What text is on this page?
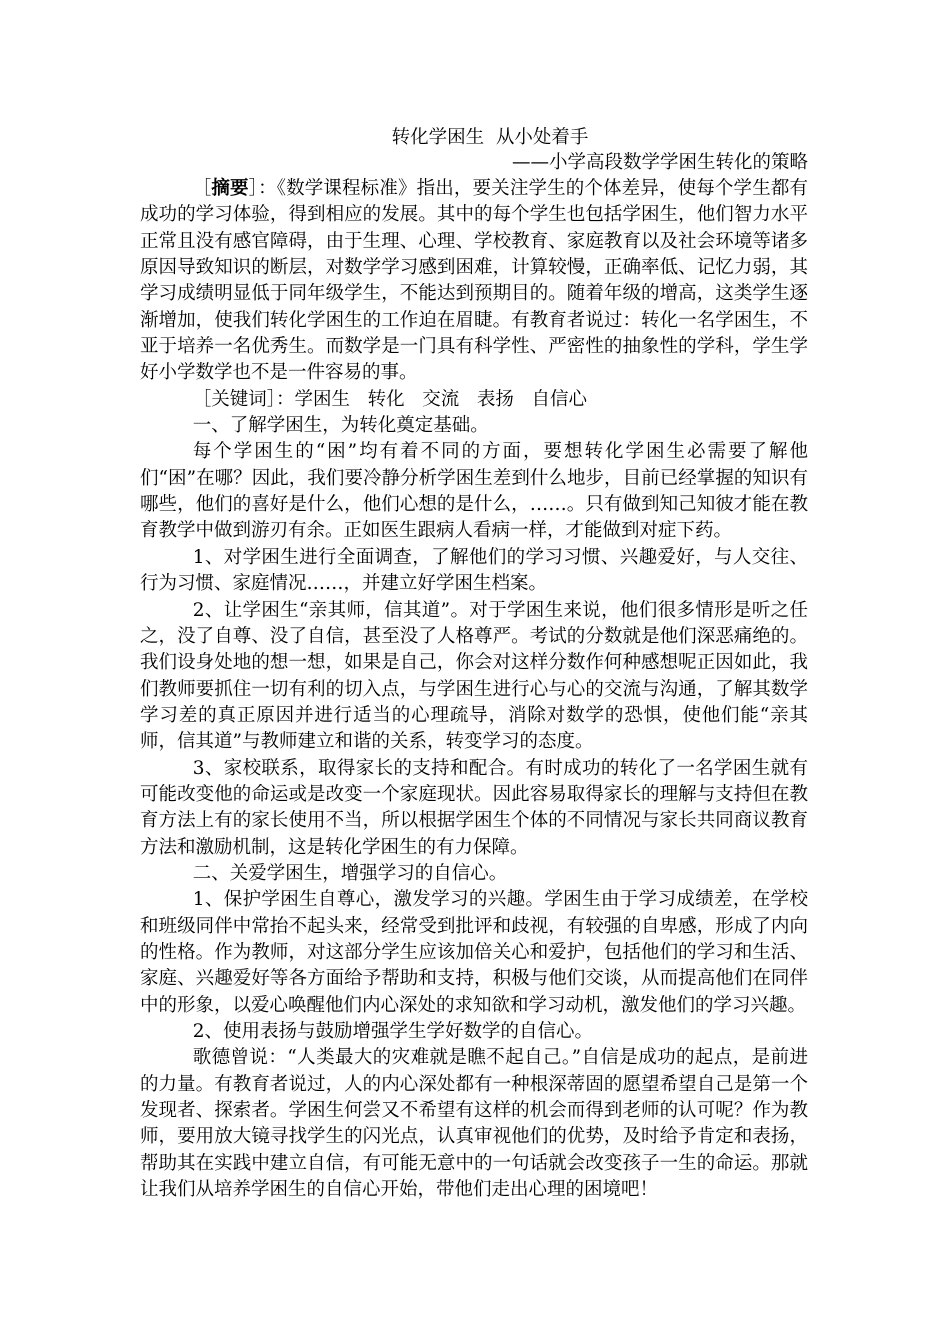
转化学困生  从小处着手
——小学高段数学学困生转化的策略

［摘要］：《数学课程标准》指出，要关注学生的个体差异，使每个学生都有成功的学习体验，得到相应的发展。其中的每个学生也包括学困生，他们智力水平正常且没有感官障碍，由于生理、心理、学校教育、家庭教育以及社会环境等诸多原因导致知识的断层，对数学学习感到困难，计算较慢，正确率低、记忆力弱，其学习成绩明显低于同年级学生，不能达到预期目的。随着年级的增高，这类学生逐渐增加，使我们转化学困生的工作迫在眉睫。有教育者说过：转化一名学困生，不亚于培养一名优秀生。而数学是一门具有科学性、严密性的抽象性的学科，学生学好小学数学也不是一件容易的事。

［关键词］：学困生   转化   交流   表扬   自信心

一、了解学困生，为转化奠定基础。

每个学困生的“困”均有着不同的方面，要想转化学困生必需要了解他们“困”在哪？因此，我们要冷静分析学困生差到什么地步，目前已经掌握的知识有哪些，他们的喜好是什么，他们心想的是什么，……。只有做到知己知彼才能在教育教学中做到游刃有余。正如医生跟病人看病一样，才能做到对症下药。

1、对学困生进行全面调查，了解他们的学习习惯、兴趣爱好，与人交往、行为习惯、家庭情况……，并建立好学困生档案。

2、让学困生“亲其师，信其道”。对于学困生来说，他们很多情形是听之任之，没了自尊、没了自信，甚至没了人格尊严。考试的分数就是他们深恶痛绝的。我们设身处地的想一想，如果是自己，你会对这样分数作何种感想呢正因如此，我们教师要抓住一切有利的切入点，与学困生进行心与心的交流与沟通，了解其数学学习差的真正原因并进行适当的心理疏导，消除对数学的恐惧，使他们能“亲其师，信其道”与教师建立和谐的关系，转变学习的态度。

3、家校联系，取得家长的支持和配合。有时成功的转化了一名学困生就有可能改变他的命运或是改变一个家庭现状。因此容易取得家长的理解与支持但在教育方法上有的家长使用不当，所以根据学困生个体的不同情况与家长共同商议教育方法和激励机制，这是转化学困生的有力保障。

二、关爱学困生，增强学习的自信心。

1、保护学困生自尊心，激发学习的兴趣。学困生由于学习成绩差，在学校和班级同伴中常抬不起头来，经常受到批评和歧视，有较强的自卑感，形成了内向的性格。作为教师，对这部分学生应该加倍关心和爱护，包括他们的学习和生活、家庭、兴趣爱好等各方面给予帮助和支持，积极与他们交谈，从而提高他们在同伴中的形象，以爱心唤醒他们内心深处的求知欲和学习动机，激发他们的学习兴趣。

2、使用表扬与鼓励增强学生学好数学的自信心。

歌德曾说：“人类最大的灾难就是瞧不起自己。”自信是成功的起点，是前进的力量。有教育者说过，人的内心深处都有一种根深蒂固的愿望希望自己是第一个发现者、探索者。学困生何尝又不希望有这样的机会而得到老师的认可呢？作为教师，要用放大镜寻找学生的闪光点，认真审视他们的优势，及时给予肯定和表扬，帮助其在实践中建立自信，有可能无意中的一句话就会改变孩子一生的命运。那就让我们从培养学困生的自信心开始，带他们走出心理的困境吧！
